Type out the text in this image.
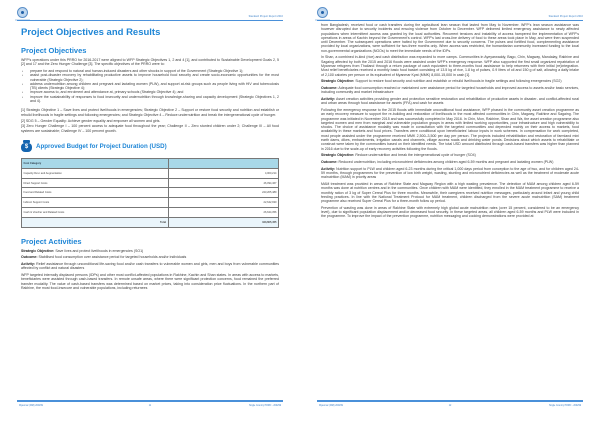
Standard Project Report 2016
Project Objectives and Results
Project Objectives

WFP's operations under this PRRO for 2016-2017 were aligned to WFP Strategic Objectives 1, 2 and 4 [1], and contributed to Sustainable Development Goals 2, 5 [2] and 17 and the Zero Hunger Challenge [3]. The specific objectives of the PRRO were to:

• prepare for and respond to natural and human-induced disasters and other shocks in support of the Government (Strategic Objective 1);
• assist post-disaster recovery by rehabilitating productive assets to improve household food security and create socio-economic opportunities for the most vulnerable (Strategic Objective 2);
• address undernutrition among children and pregnant and lactating women (PLW), and support at-risk groups such as people living with HIV and tuberculosis (TB) clients (Strategic Objective 4);
• improve access to, and enrolment and attendance at, primary schools (Strategic Objective 4); and
• improve the sustainability of responses to food insecurity and undernutrition through knowledge-sharing and capacity development (Strategic Objectives 1, 2 and 4).

[1] Strategic Objective 1 – Save lives and protect livelihoods in emergencies; Strategic Objective 2 – Support or restore food security and nutrition and establish or rebuild livelihoods in fragile settings and following emergencies; and Strategic Objective 4 – Reduce undernutrition and break the intergenerational cycle of hunger.

[2] SDG 5 – Gender Equality: Achieve gender equality and empower all women and girls.

[3] Zero Hunger Challenge I – 100 percent access to adequate food throughout the year; Challenge II – Zero stunted children under 2; Challenge III – All food systems are sustainable; Challenge IV – 100 percent growth.

$	Approved Budget for Project Duration (USD)
Cost Category	
Capacity Dev.t and Augmentation	4,000,214
Direct Support Costs	46,094,467
Food and Related Costs	243,205,489
Indirect Support Costs	22,642,930
Cash & Voucher and Related Costs	26,624,356
Total	343,605,455
Project Activities

Strategic Objective: Save lives and protect livelihoods in emergencies (SO1)

Outcome: Stabilised food consumption over assistance period for targeted households and/or individuals

Activity: Relief assistance through unconditional life-saving food and/or cash transfers to vulnerable women and girls, men and boys from vulnerable communities affected by conflict and natural disasters

WFP targeted internally displaced persons (IDPs) and other most conflict-affected populations in Rakhine, Kachin and Shan states. In areas with access to markets, beneficiaries were assisted through cash-based transfers. In remote unsafe areas, where there were significant protection concerns, food remained the preferred transfer modality. The value of cash-based transfers was determined based on market prices, taking into consideration price fluctuations. In the northern part of Rakhine, the most food-insecure and vulnerable populations, including returnees

Myanmar (MM) 200299	11	Single Country PRRO - 200299
Standard Project Report 2016

from Bangladesh, received food or cash transfers during the agricultural lean season that lasted from May to November. WFP's lean season assistance was however disrupted due to security incidents and ensuing violence from October to December. WFP delivered limited emergency assistance to newly affected populations when intermittent access was granted by the local authorities. Recurrent tensions and instability of access hampered the implementation of WFP's operations in areas of Kachin beyond the Government's control. WFP's last cross-line delivery of food to these areas took place in May, and were then suspended until December. The subsequent operations were halted by the Government due to security concerns. The pulses and fortified food, complementing assistance provided by local organizations, were sufficient for two-three months only. When access was restricted, the humanitarian community increased funding to the local non-governmental organizations (NGOs) to meet the immediate needs of the IDPs.

In Shan, a combined in-kind (rice) and cash distribution was expanded to more camps. Communities in Ayeyarwaddy, Bago, Chin, Magway, Mandalay, Rakhine and Sagaing affected by both the 2015 and 2016 floods were assisted under WFP's emergency response. WFP also supported the first small organized repatriation of Myanmar refugees from Thailand through a return package of cash equivalent to three-months food assistance to help returnees with their initial (re)integration. Most relief beneficiaries received a monthly basic food basket consisting of 13.5 kg of rice, 1.8 kg of pulses, 0.9 litres of oil and 150 g of salt, allowing a daily intake of 2,100 calories per person or its equivalent of Myanmar Kyat (MMK) 8,000-15,000 in cash [1].

Strategic Objective: Support to restore food security and nutrition and establish or rebuild livelihoods in fragile settings and following emergencies (SO2)

Outcome: Adequate food consumption reached or maintained over assistance period for targeted households and improved access to assets and/or basic services, including community and market infrastructure

Activity: Asset creation activities providing gender and protection sensitive restoration and rehabilitation of productive assets in disaster- and conflict-affected rural and urban areas through food assistance for assets (FFA) and cash for assets

Following the emergency response to the 2015 floods with immediate unconditional food assistance, WFP phased in the community asset creation programme as an early recovery measure to support the re-building and restoration of livelihoods in the most affected communities in Chin, Magway, Rakhine and Sagaing. The programme was initiated in November 2015 and was successfully completed in May 2016. In Chin, Mon, Rakhine, Shan and Wa, the asset creation programme also targeted women and men from marginal and vulnerable population groups in areas with limited working opportunities, poor infrastructure and high vulnerability to shocks. The choice of assistance modality was made in consultation with the targeted communities and depended mainly on their access to markets, food availability in these markets and food prices. Transfers were conditional upon beneficiaries' labour inputs in work schemes. In compensation for work completed, most people assisted under the programme received MMK 2,500–3,500 per day per person. The projects included rehabilitation and restoration of farmland mini earth dams, dikes, embankments, irrigation canals and channels, village access roads and drinking water ponds. Decisions about which assets to rehabilitate or construct were taken by the communities based on their identified needs. The total USD amount distributed through cash-based transfers was higher than planned in 2016 due to the scale-up of early recovery activities following the floods.

Strategic Objective: Reduce undernutrition and break the intergenerational cycle of hunger (SO4)

Outcome: Reduced undernutrition, including micronutrient deficiencies among children aged 6-59 months and pregnant and lactating women (PLW)

Activity: Nutrition support to PLW and children aged 6-23 months during the critical 1,000 days period from conception to the age of two, and for children aged 24-59 months, through programmes for the prevention of low birth weight, wasting, stunting and micronutrient deficiencies as well as the treatment of moderate acute malnutrition (MAM) in priority areas

MAM treatment was provided in areas of Rakhine State and Magway Region with a high wasting prevalence. The detection of MAM among children aged 6-59 months was done at nutrition centres and in the communities. Once children with MAM were identified, they enrolled in the MAM treatment programme to receive a monthly ration of 3 kg of Super Cereal Plus for three months. Meanwhile, their caregivers received nutrition messages, particularly around infant and young child feeding practices. In line with the National Treatment Protocol for MAM treatment, children discharged from the severe acute malnutrition (SAM) treatment programme also received Super Cereal Plus for a three-month follow up period.

Prevention of wasting was done in areas of Rakhine State with extremely high global acute malnutrition rates (over 15 percent, considered to be an emergency level), due to significant population displacement and/or decreased food security. In these targeted areas, all children aged 6-59 months and PLW were included in the programme. To improve the impact of the prevention programme, nutrition messaging and cooking demonstrations were provided at

Myanmar (MM) 200299	12	Single Country PRRO - 200299
